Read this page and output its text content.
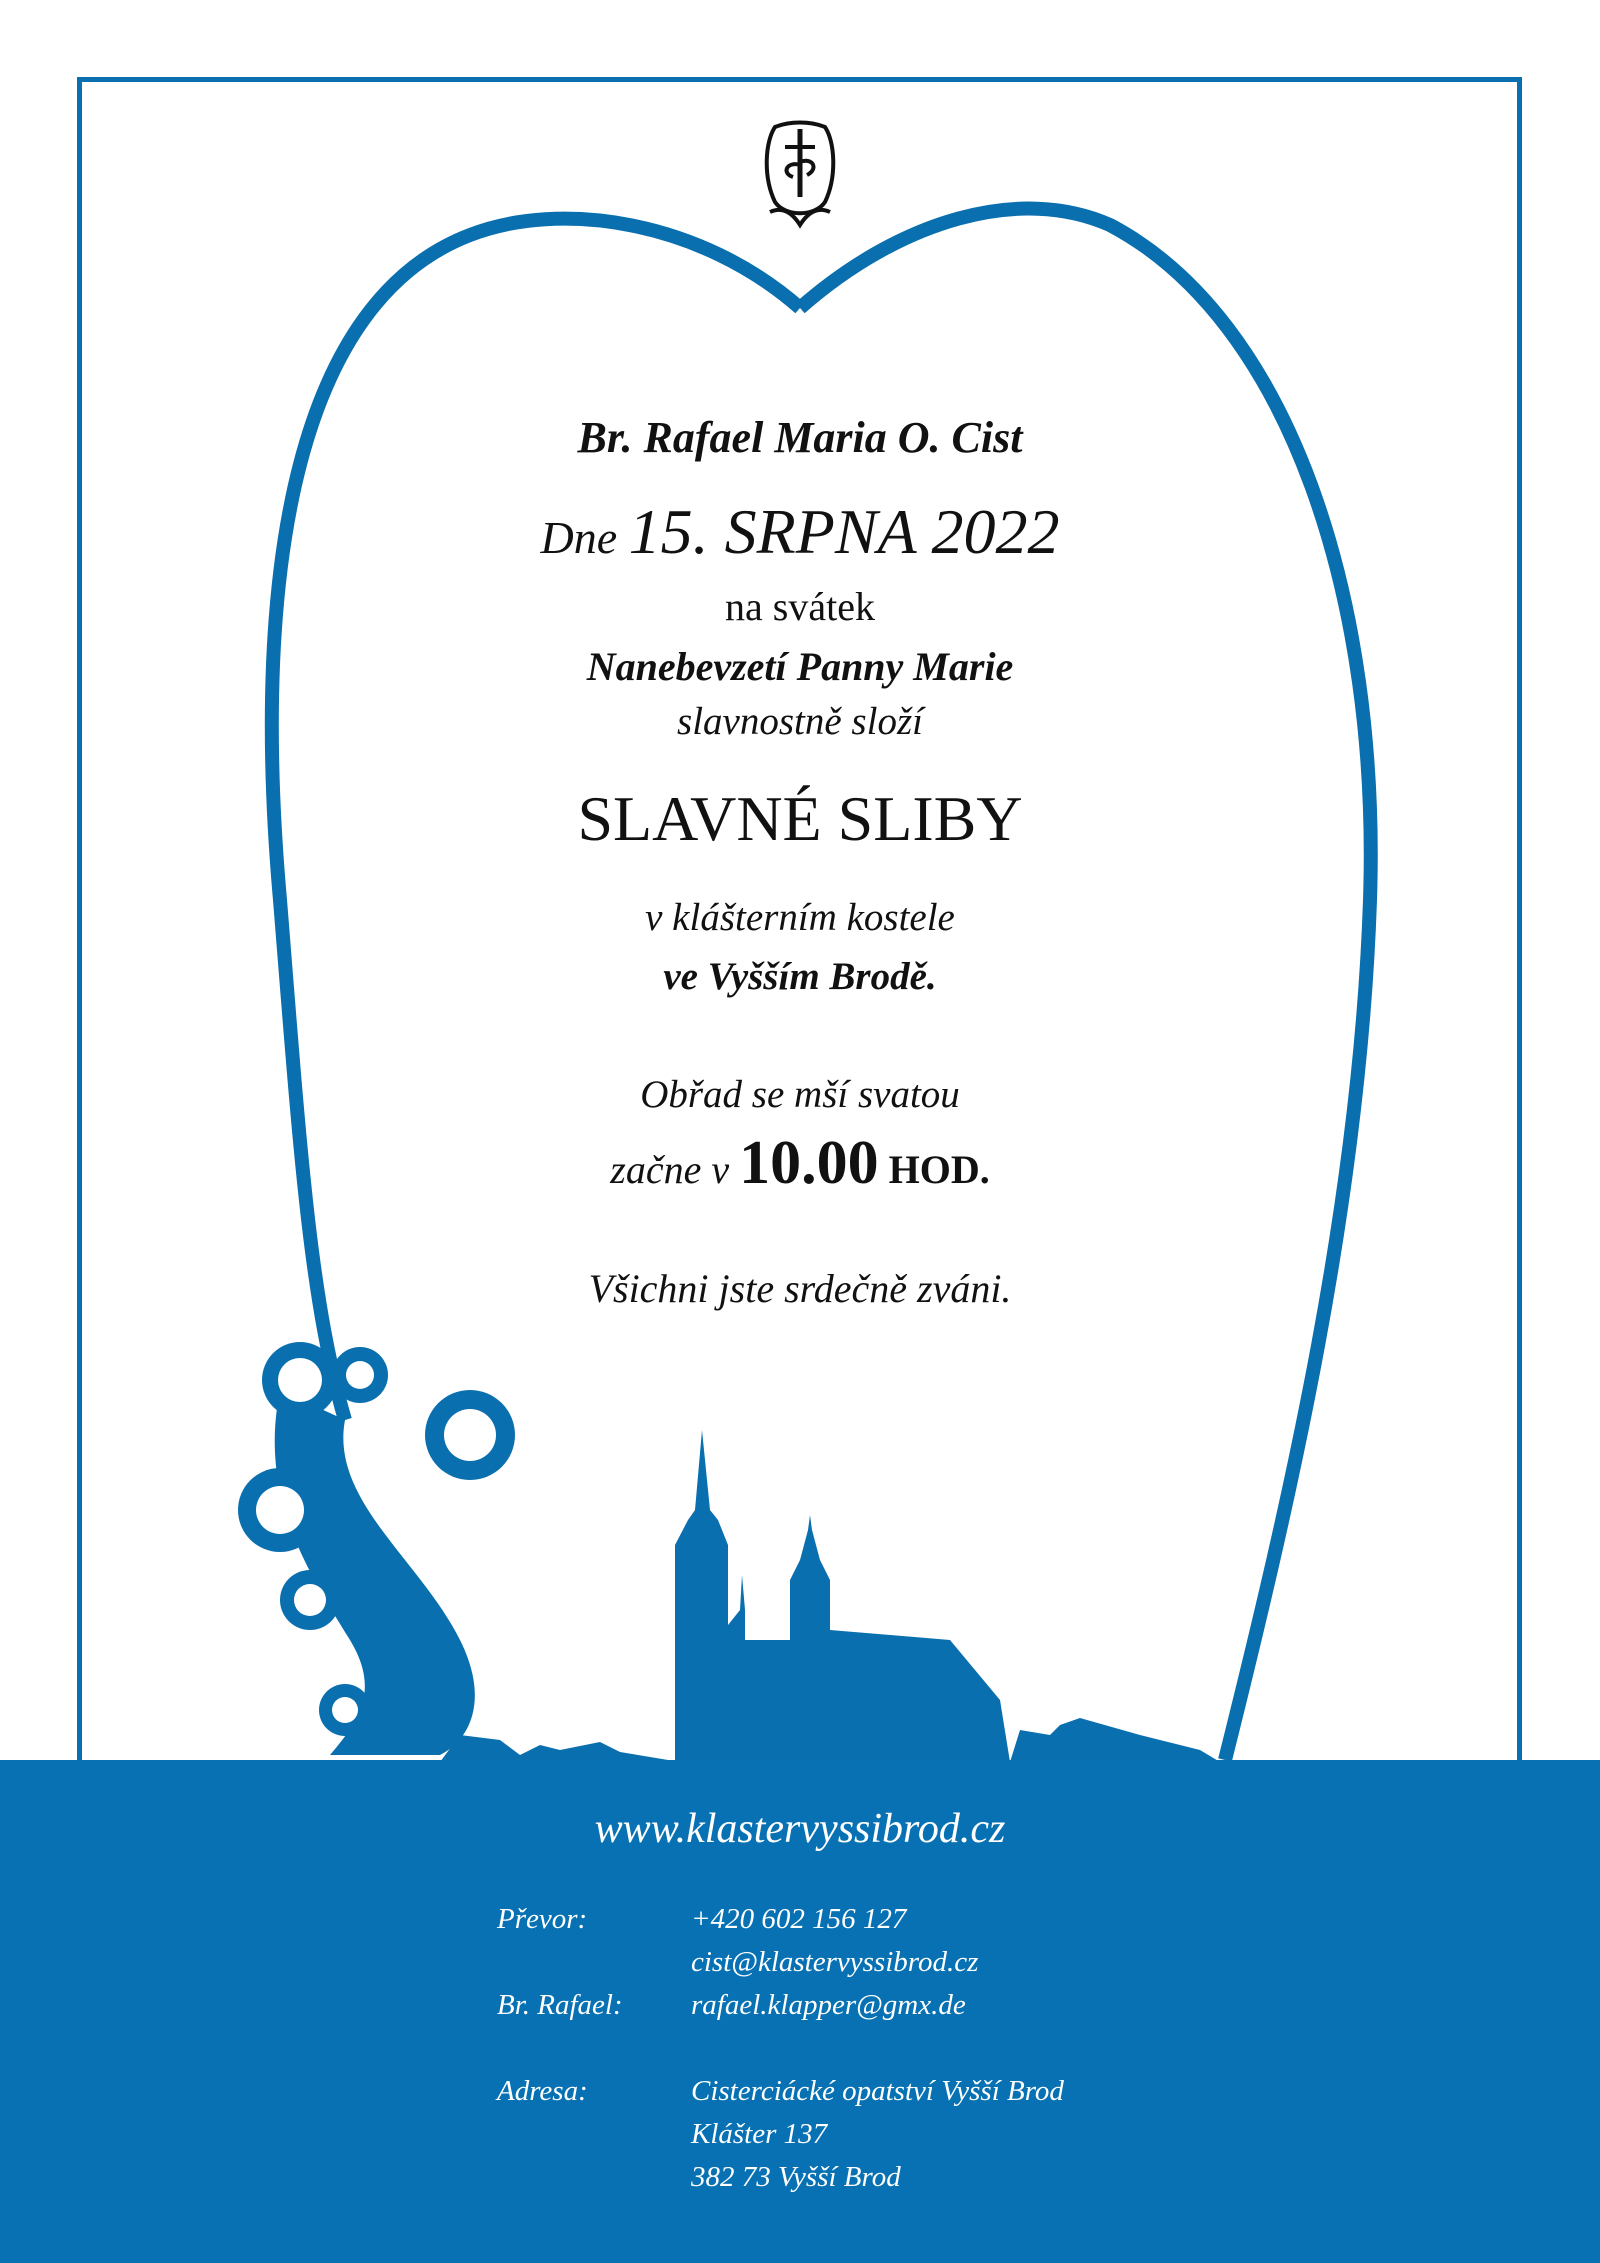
Br. Rafael Maria O. Cist
Dne 15. SRPNA 2022
na svátek
Nanebevzetí Panny Marie
slavnostně složí
SLAVNÉ SLIBY
v klášterním kostele
ve Vyšším Brodě.
Obřad se mší svatou
začne v 10.00 HOD.
Všichni jste srdečně zváni.
www.klastervyssibrod.cz
Převor:	+420 602 156 127
cist@klastervyssibrod.cz
Br. Rafael: rafael.klapper@gmx.de
Adresa:	Cisterciácké opatství Vyšší Brod
Klášter 137
382 73 Vyšší Brod
